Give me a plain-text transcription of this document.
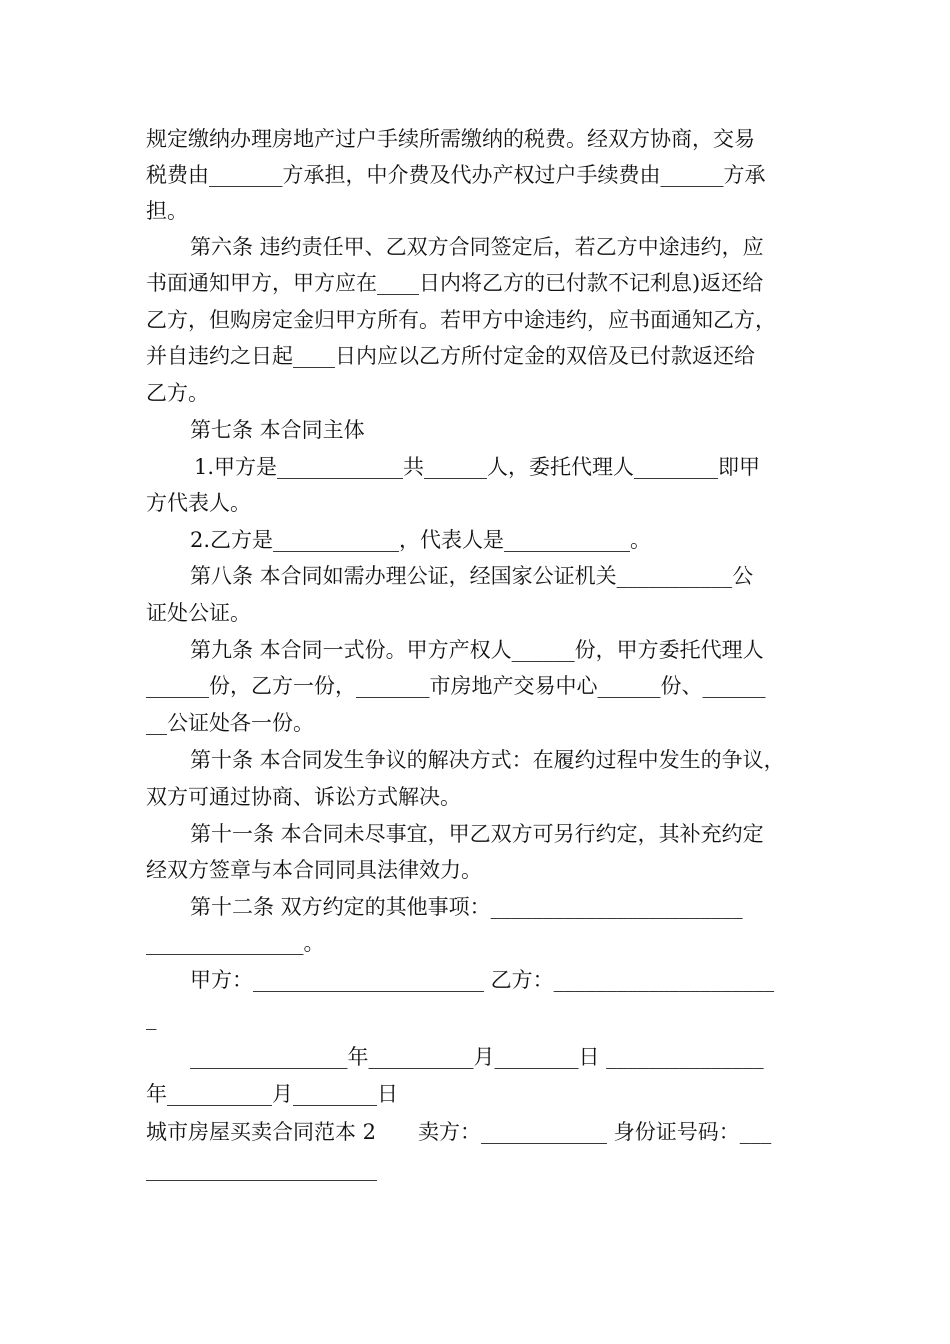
规定缴纳办理房地产过户手续所需缴纳的税费。经双方协商，交易
税费由_______方承担，中介费及代办产权过户手续费由______方承
担。
第六条 违约责任甲、乙双方合同签定后，若乙方中途违约，应
书面通知甲方，甲方应在____日内将乙方的已付款不记利息)返还给
乙方，但购房定金归甲方所有。若甲方中途违约，应书面通知乙方，
并自违约之日起____日内应以乙方所付定金的双倍及已付款返还给
乙方。
第七条 本合同主体
1.甲方是____________共______人，委托代理人________即甲
方代表人。
2.乙方是____________，代表人是____________。
第八条 本合同如需办理公证，经国家公证机关___________公
证处公证。
第九条 本合同一式份。甲方产权人______份，甲方委托代理人
______份，乙方一份，_______市房地产交易中心______份、______
__公证处各一份。
第十条 本合同发生争议的解决方式：在履约过程中发生的争议，
双方可通过协商、诉讼方式解决。
第十一条 本合同未尽事宜，甲乙双方可另行约定，其补充约定
经双方签章与本合同同具法律效力。
第十二条 双方约定的其他事项：________________________
_______________。
甲方：______________________ 乙方：_____________________
_
_______________年__________月________日 _______________
年__________月________日
城市房屋买卖合同范本 2　　卖方：____________ 身份证号码：___
______________________
